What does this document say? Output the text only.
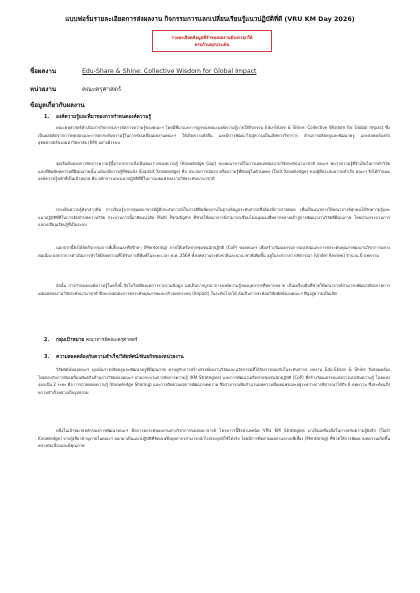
แบบฟอร์มรายละเอียดการส่งผลงาน กิจกรรมการแลกเปลี่ยนเรียนรู้แนวปฏิบัติที่ดี (VRU KM Day 2026)
รายละเอียดข้อมูลที่จำของผลงานต้องกรอกให้
ครบถ้วนทุกประเด็น
ชื่อผลงาน	Edu-Share & Shine: Collective Wisdom for Global Impact
หน่วยงาน	คณะครุศาสตร์
ข้อมูลเกี่ยวกับผลงาน
1. องค์ความรู้และที่มาของการกำหนดองค์ความรู้
คณะครุศาสตร์ดำเนินการกิจกรรมการจัดการความรู้ของคณะฯ โดยมีที่มาและการผูกของคณะองค์ความรู้ภายใต้กิจกรรม Edu-Share & Shine: Collective Wisdom for Global Impact ซึ่งเป็นผลผลิตจากการทดสอบและการยกระดับความรู้ในการขับเคลื่อนผลงานคณะฯ ให้เกิดความยั่งยืน และมีการพัฒนาไปสู่ความเป็นเลิศทางวิชาการ ด้านการผลิตครูและพัฒนาครู และสอดคล้องกับยุทธศาสตร์ของมหาวิทยาลัย (KM) อย่างมีระบบ
จุดเริ่มต้นของการจัดการความรู้นี้มาจากการเล็งเห็นช่องว่างของความรู้ (Knowledge Gap) ของคณาจารย์ในการเผยแพร่ผลงานวิจัยระดับนานาชาติ คณะฯ พบว่าความรู้ที่จำเป็นในการทำวิจัยและตีพิมพ์บทความที่มีคุณภาพนั้น แม้จะมีความรู้ที่ชัดแจ้ง (Explicit Knowledge) คือ ประสบการณ์ตรง หรือความรู้ที่ฝังอยู่ในตัวบุคคล (Tacit Knowledge) ของผู้ที่ประสบความสำเร็จ คณะฯ จึงได้กำหนดองค์ความรู้หลักที่เป็นเป้าหมาย คือ หลักการและแนวปฏิบัติที่ดีในการเผยแพร่ผลงานวิจัยระดับนานาชาติ
ประเด็นความรู้ดังกล่าวคือ การเรียนรู้จากกลุ่มคณาจารย์ผู้มีประสบการณ์ในการตีพิมพ์ผลงานในฐานข้อมูลระดับสากลซึ่งต้องมีการถ่ายทอด เพื่อเป็นแนวทางให้คณาจารย์ทุกคนได้รับความรู้และแนวปฏิบัติที่ดีในการจัดทำบทความวิจัย กระบวนการนี้อาศัยแนวคิด Multi Paradigms ที่ช่วยให้คณาจารย์สามารถเชื่อมโยงมุมมองที่หลากหลายเข้าสู่การพัฒนางานวิจัยที่มีคุณภาพ โดยผ่านกระบวนการแลกเปลี่ยนเรียนรู้ที่เป็นระบบ
นอกจากนี้ยังได้จัดกิจกรรมการพี่เลี้ยงและที่ปรึกษา (Mentoring) ภายใต้เครือข่ายชุมชนนักปฏิบัติ (CoP) ของคณะฯ เพื่อสร้างวัฒนธรรมการแบ่งปันและการยกระดับคุณภาพผลงานวิชาการอย่างต่อเนื่อง ผลจากการดำเนินการทำให้มีบทความที่ได้รับการตีพิมพ์ในระยะเวลา พ.ศ. 2569 ทั้งบทความระดับชาติและนานาชาติเพิ่มขึ้น อยู่ในระหว่างการพิจารณา (Under Review) จำนวน 6 บทความ
ดังนั้น การกำหนดองค์ความรู้ในครั้งนี้ จึงไม่ใช่เพียงแค่การรวบรวมข้อมูล แต่เป็นการบูรณาการองค์ความรู้ของบุคลากรที่หลากหลาย เป็นเครื่องมือที่ช่วยให้คณาจารย์สามารถพัฒนาศักยภาพการเผยแพร่ผลงานวิจัยระดับนานาชาติ ซึ่งจะส่งผลต่อการยกระดับคุณภาพและสร้างผลกระทบ (Impact) ในระดับโลกได้ อันเป็นการสะท้อนวิสัยทัศน์ของคณะฯ ที่มุ่งสู่ความเป็นเลิศ
2. กลุ่มเป้าหมาย คณาจารย์คณะครุศาสตร์
3. ความสอดคล้องกับความสำเร็จ/วิสัยทัศน์/พันธกิจของหน่วยงาน
วิสัยทัศน์ของคณะฯ มุ่งเน้นการผลิตครูและพัฒนาครูที่มีคุณภาพ ควบคู่กับการสร้างสรรค์ผลงานวิจัยและนวัตกรรมที่ได้รับการยอมรับในระดับสากล ผลงาน Edu-Share & Shine จึงสอดคล้องโดยตรงกับการขับเคลื่อนพันธกิจด้านการวิจัยของคณะฯ ผ่านกระบวนการจัดการความรู้ (KM Strategies) และการพัฒนาเครือข่ายชุมชนนักปฏิบัติ (CoP) ที่สร้างวัฒนธรรมแห่งการแบ่งปันความรู้ โดยแบ่งออกเป็น 2 ระยะ คือ การถ่ายทอดความรู้ (Knowledge Sharing) และการติดตามผลการพัฒนาบทความ ซึ่งสามารถเพิ่มจำนวนบทความที่เผยแพร่และอยู่ระหว่างการพิจารณาได้ถึง 6 บทความ ซึ่งสะท้อนถึงความสำเร็จอย่างเป็นรูปธรรม
หนึ่งในเป้าหมายหลักของการพัฒนาคณะฯ คือการยกระดับผลงานทางวิชาการของคณาจารย์ โครงการนี้จึงนำเทคนิค VRU KM Strategies มาเป็นเครื่องมือในการสกัดความรู้ฝังลึก (Tacit Knowledge) จากผู้เชี่ยวชาญภายในคณะฯ ออกมาเป็นแนวปฏิบัติที่ชัดเจนซึ่งบุคลากรสามารถนำไปประยุกต์ใช้ได้จริง โดยมีการติดตามผลผ่านระบบพี่เลี้ยง (Mentoring) ที่ช่วยให้การพัฒนาบทความเกิดขึ้นอย่างต่อเนื่องและมีคุณภาพ
